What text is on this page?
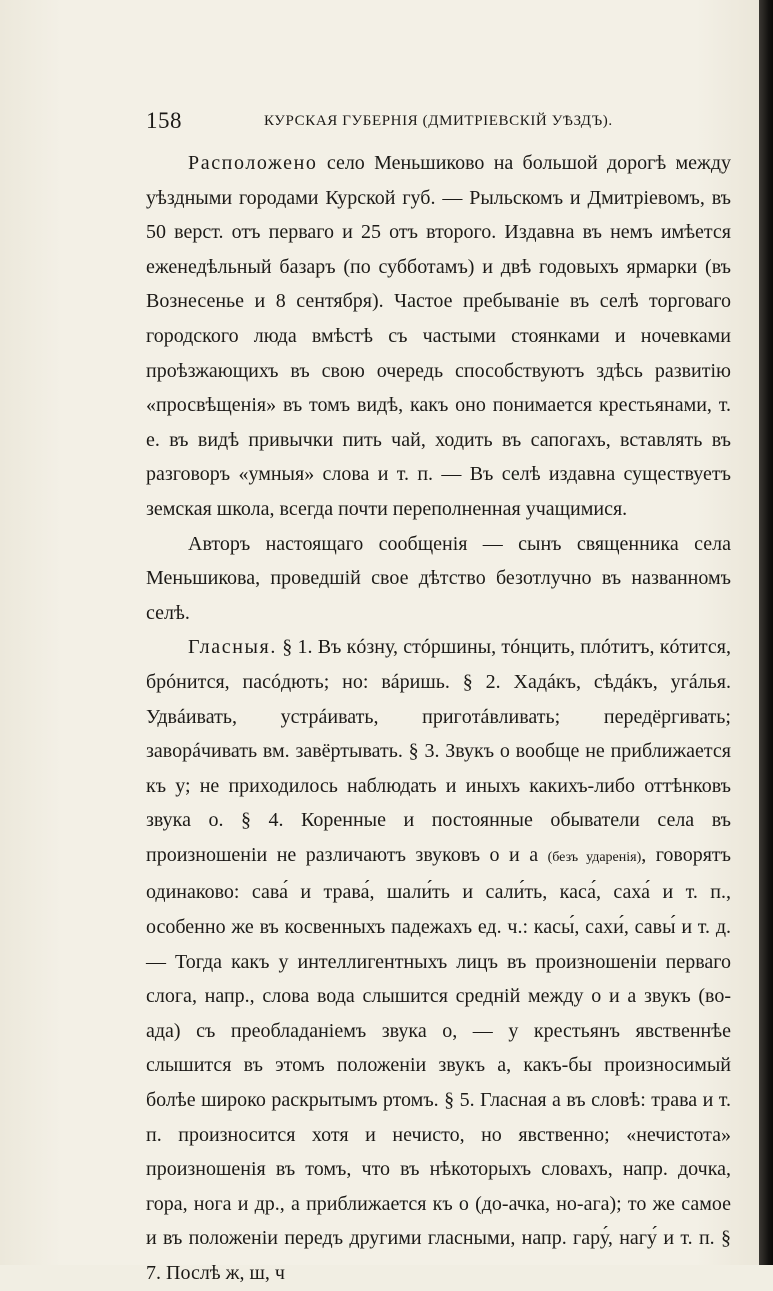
158	КУРСКАЯ ГУБЕРНІЯ (ДМИТРІЕВСКІЙ УѢЗДЪ).

Расположено село Меньшиково на большой дорогѣ между уѣздными городами Курской губ. — Рыльскомъ и Дмитріевомъ, въ 50 верст. отъ перваго и 25 отъ второго. Издавна въ немъ имѣется еженедѣльный базаръ (по субботамъ) и двѣ годовыхъ ярмарки (въ Вознесенье и 8 сентября). Частое пребываніе въ селѣ торговаго городского люда вмѣстѣ съ частыми стоянками и ночевками проѣзжающихъ въ свою очередь способствуютъ здѣсь развитію «просвѣщенія» въ томъ видѣ, какъ оно понимается крестьянами, т. е. въ видѣ привычки пить чай, ходить въ сапогахъ, вставлять въ разговоръ «умныя» слова и т. п. — Въ селѣ издавна существуетъ земская школа, всегда почти переполненная учащимися.

Авторъ настоящаго сообщенія — сынъ священника села Меньшикова, проведшій свое дѣтство безотлучно въ названномъ селѣ.

Гласныя. § 1. Въ кóзну, стóршины, тóнцить, плóтитъ, кóтится, брóнится, пасóдють; но: вáришь. § 2. Хадáкъ, сѣдáкъ, угáлья. Удвáивать, устрáивать, пригoтáвливать; передёргивать; заворáчивать вм. завёртывать. § 3. Звукъ о вообще не приближается къ у; не приходилось наблюдать и иныхъ какихъ-либо оттѣнковъ звука о. § 4. Коренные и постоянные обыватели села въ произношеніи не различаютъ звуковъ о и а (безъ ударенія), говорятъ одинаково: сава́ и трава́, шали́ть и сали́ть, каса́, саха́ и т. п., особенно же въ косвенныхъ падежахъ ед. ч.: касы́, сахи́, савы́ и т. д. — Тогда какъ у интеллигентныхъ лицъ въ произношеніи перваго слога, напр., слова вода слышится средній между о и а звукъ (во-ада) съ преобладаніемъ звука о, — у крестьянъ явственнѣе слышится въ этомъ положеніи звукъ а, какъ-бы произносимый болѣе широко раскрытымъ ртомъ. § 5. Гласная а въ словѣ: трава и т. п. произносится хотя и нечисто, но явственно; «нечистота» произношенія въ томъ, что въ нѣкоторыхъ словахъ, напр. дочка, гора, нога и др., а приближается къ о (до-ачка, но-ага); то же самое и въ положеніи передъ другими гласными, напр. гару́, нагу́ и т. п. § 7. Послѣ ж, ш, ч
